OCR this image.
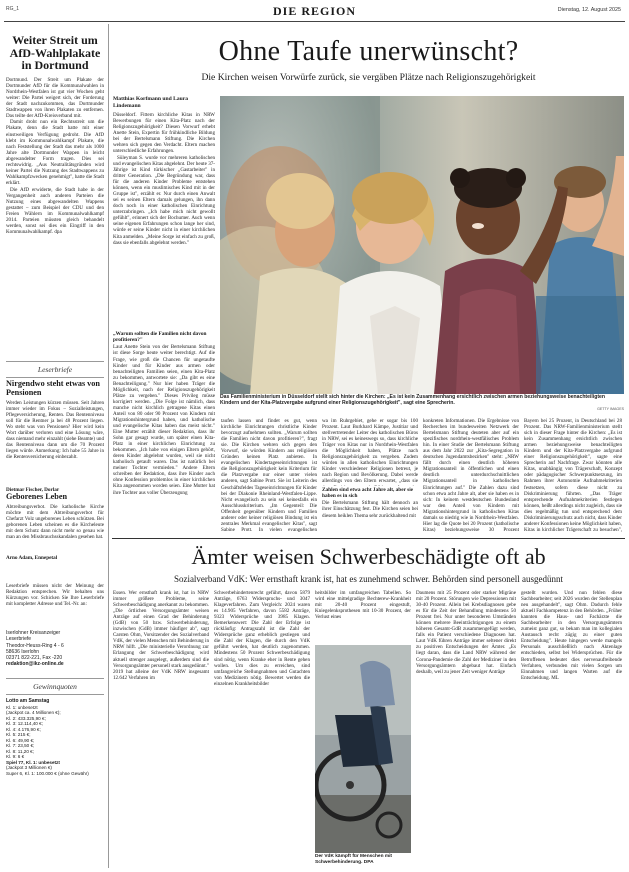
RG_1	DIE REGION	Dienstag, 12. August 2025
Weiter Streit um AfD-Wahlplakate in Dortmund

Dortmund. Der Streit um Plakate der Dortmunder AfD für die Kommunalwahlen in Nordrhein-Westfalen ist gut vier Wochen geht weiter: Die Partei weigert sich, der Forderung der Stadt nachzukommen, das Dortmunder Stadtwappen von ihren Plakaten zu entfernen. Das teilte der AfD-Kreisverband mit.

Damit droht nun ein Rechtsstreit um die Plakate, denn die Stadt hatte mit einer einstweiligen Verfügung gedroht. Die AfD klebt im Kommunalwahlkampf Plakate, die nach Feststellung der Stadt das mehr als 1000 Jahre alte Dortmunder Wappen in leicht abgewandelter Form tragen. Dies sei rechtswidrig. „Aus Neutralitätsgründen wird keiner Partei die Nutzung des Stadtwappens zu Wahlkampfzwecken genehmigt", hatte die Stadt erklärt.

Die AfD erwiderte, die Stadt habe in der Vergangenheit auch anderen Parteien die Nutzung eines abgewandelten Wappens gestattet – zum Beispiel der CDU und den Freien Wählern im Kommunalwahlkampf 2014. Parteien müssten gleich behandelt werden, sonst sei dies ein Eingriff in den Kommunalwahlkampf. dpa

Leserbriefe
Nirgendwo steht etwas von Pensionen

Werden Leistungen kürzen müssen. Seit Jahren immer wieder im Fokus – Sozialleistungen, Pflegeversicherung, Renten. Das Rentenniveau soll für die Rentner ja bei 48 Prozent liegen. Wo steht was von Pensionen? Hier wird kein Wort darüber verloren und eine Lösung wäre, dass niemand mehr einzahlt (siehe Beamte) und das Rentenniveau dann um die 70 Prozent liegen würde. Anmerkung: Ich habe 55 Jahre in die Rentenversicherung einbezahlt.

Dietmar Fischer, Dorlar
Geborenes Leben

Abtreibungsverbot. Die katholische Kirche möchte mit dem Abtreibungsverbot für Chefarzt Volz ungeborenes Leben schützen. Bei geborenen Leben scheinen es die Kircheleute mit dem Schutz dann nicht mehr so genau wie man an den Missbrauchsskandalen gesehen hat.

Arno Adam, Ennepetal

Leserbriefe müssen nicht der Meinung der Redaktion entsprechen. Wir behalten uns Kürzungen vor. Schicken Sie Ihre Leserbriefe mit kompletter Adresse und Tel.-Nr. an:

Iserlohner Kreisanzeiger
Leserbriefe
Theodor-Heuss-Ring 4 - 6
58636 Iserlohn
02371 822-221, Fax -220
redaktion@ikz-online.de
Gewinnquoten
Lotto am Samstag
Kl. 1: unbesetzt
(Jackpot ca. 4 Millionen €);
Kl. 2: 433.325,90 €;
Kl. 3: 12.114,40 €;
Kl. 4: 4.176,90 €;
Kl. 5: 215 €;
Kl. 6: 49,90 €;
Kl. 7: 23,50 €;
Kl. 8: 11,20 €;
Kl. 9: 6 €
Spiel 77, Kl. 1: unbesetzt
(Jackpot 3 Millionen €)
Super 6, Kl. 1: 100.000 € (ohne Gewähr)
Ohne Taufe unerwünscht?
Die Kirchen weisen Vorwürfe zurück, sie vergäben Plätze nach Religionszugehörigkeit
Matthias Korfmann und Laura Lindemann

Düsseldorf. Fittern kirchliche Kitas in NRW Bewerbungen für einen Kita-Platz nach der Religionszugehörigkeit? Diesen Vorwurf erhebt Anette Stein, Expertin für frühkindliche Bildung bei der Bertelsmann Stiftung. Die Kirchen wehren sich gegen den Verdacht. Eltern machen unterschiedliche Erfahrungen.

Süleyman S. wurde vor mehreren katholischen und evangelischen Kitas abgelehnt. Der heute 37-Jährige ist Kind türkischer „Gastarbeiter" in dritter Generation. „Die Begründung war, dass für die anderen Kinder Probleme entstehen können, wenn ein muslimisches Kind mit in der Gruppe ist", erzählt er. Nur durch einen Anwalt sei es seinen Eltern damals gelungen, ihn dann doch noch in einer katholischen Einrichtung unterzubringen. „Ich habe mich nicht gewollt gefühlt", erinnert sich der Bochumer. Auch wenn seine eigenen Erfahrungen schon lange her sind, würde er seine Kinder nicht in einer kirchlichen Kita anmelden. „Meine Sorge ist einfach zu groß, dass sie ebenfalls abgelehnt werden."

„Warum sollten die Familien nicht davon profitieren?"

Laut Anette Stein von der Bertelsmann Stiftung ist diese Sorge heute weiter berechtigt. Auf die Frage, wie groß die Chancen für ungetaufte Kinder und für Kinder aus armen oder benachteiligten Familien seien, einen Kita-Platz zu bekommen, antwortete sie: „Da gibt es eine Benachteiligung." Nur hier haben Träger die Möglichkeit, nach der Religionszugehörigkeit Plätze zu vergeben." Dieses Privileg müsse korrigiert werden. „Die Folge ist nämlich, dass manche nicht kirchlich getragene Kitas einen Anteil von 80 oder 90 Prozent von Kindern mit Migrationshintergrund haben, und katholische und evangelische Kitas haben das meist nicht." Eine Mutter erzählt dieser Redaktion, dass ihr Sohn gar gesagt wurde, um später einen Kita-Platz in einer kirchlichen Einrichtung zu bekommen. „Ich habe von einigen Eltern gehört, deren Kinder abgelehnt wurden, weil sie nicht katholisch getauft waren. Das ist natürlich bei meiner Tochter vermieden." Andere Eltern schreiben der Redaktion, dass ihre Kinder auch ohne Konfession problemlos in einer kirchlichen Kita angenommen worden seien. Eine Mutter hat ihre Tochter aus voller Überzeugung

Das Familienministerium in Düsseldorf stellt sich hinter die Kirchen: „Es ist kein Zusammenhang ersichtlich zwischen armen beziehungsweise benachteiligten Kindern und der Kita-Platzvergabe aufgrund einer Religionszugehörigkeit", sagt eine Sprecherin.
GETTY IMAGES

taufen lassen und findet es gut, wenn kirchliche Einrichtungen christliche Kinder bevorzugt aufnehmen sollten. „Warum sollten die Familien nicht davon profitieren?", fragt sie. Die Kirchen wehren sich gegen den Vorwurf, sie würden Kindern aus religiösen Gründen keinen Platz anbieten. In evangelischen Kindertageseinrichtungen ist die Religionszugehörigkeit kein Kriterium für die Platzvergabe nur einer unter vielen anderen, sagt Sabine Prott. Sie ist Leiterin des Geschäftsfeldes Tageseinrichtungen für Kinder bei der Diakonie Rheinland-Westfalen-Lippe. Nicht evangelisch zu sein sei keinesfalls ein Ausschlusskriterium. „Im Gegenteil: Die Offenheit gegenüber Kindern und Familien anderer oder keiner religiösen Bindung ist ein zentrales Merkmal evangelischer Kitas", sagt Sabine Prott. In vielen evangelischen

wa im Ruhrgebiet, gehe er sogar bis 100 Prozent. Laut Burkhard Kämpe, Justitiar und stellvertretender Leiter des katholischen Büros in NRW, sei es keineswegs so, dass kirchliche Träger von Kitas nur in Nordrhein-Westfalen die Möglichkeit haben, Plätze nach Religionszugehörigkeit zu vergeben. Zudem würden in allen katholischen Einrichtungen Kinder verschiedener Religionen betreut, je nach Region und Bevölkerung. Dabei werde allerdings von den Eltern erwartet, „dass sie

Zahlen sind etwa acht Jahre alt, aber sie haben es in sich

Die Bertelsmann Stiftung hält dennoch an ihrer Einschätzung fest. Die Kirchen seien bei diesem heiklen Thema sehr zurückhaltend mit

konkreten Informationen. Die Ergebnisse von Recherchen im bundesweiten Netzwerk der Bertelsmann Stiftung deuteten aber auf ein spezifisches nordrhein-westfälisches Problem hin. In einer Studie der Bertelsmann Stiftung aus dem Jahr 2022 zur „Kita-Segregation in deutschen Jugendamtsbezirken" steht: „NRW fällt durch einen deutlich höheren Migrationsanteil in öffentlichen und einen deutlich unterdurchschnittlichen Migrationsanteil in katholischen Einrichtungen auf." Die Zahlen dazu sind schon etwa acht Jahre alt, aber sie haben es in sich: In keinem westdeutschen Bundesland war den Anteil von Kindern mit Migrationshintergrund in katholischen Kitas damals so niedrig wie in Nordrhein-Westfalen. Hier lag die Quote bei 20 Prozent (katholische Kitas) beziehungsweise 30 Prozent

Bayern bei 25 Prozent, in Deutschland bei 28 Prozent. Das NRW-Familienministerium stellt sich in dieser Frage hinter die Kirchen: „Es ist kein Zusammenhang ersichtlich zwischen armen beziehungsweise benachteiligten Kindern und der Kita-Platzvergabe aufgrund einer Religionszugehörigkeit", sagte eine Sprecherin auf Nachfrage. Zwar könnten alle Kitas, unabhängig von Trägerschaft, Konzept oder pädagogischer Schwerpunktsetzung, im Rahmen ihrer Autonomie Aufnahmekriterien festsetzen, sofern diese nicht zu Diskriminierung führten. „Das Träger entsprechende Aufnahmekriterien festlegen können, heißt allerdings nicht zugleich, dass sie dies regelmäßig tun und entsprechend dem Diskriminierungsschutz auch nicht, dass Kinder anderer Konfessionen keine Möglichkeit haben, Kitas in kirchlicher Trägerschaft zu besuchen",

Ämter weisen Schwerbeschädigte oft ab
Sozialverband VdK: Wer ernsthaft krank ist, hat es zunehmend schwer. Behörden sind personell ausgedünnt

Essen. Wer ernsthaft krank ist, hat in NRW immer größere Probleme, seine Schwerbeschädigung anerkannt zu bekommen. „Die örtlichen Versorgungsämter weisen Anträge auf einen Grad der Behinderung (GdB) von 50 bzw. Schwerbehinderung, inzwischen (GdB) immer häufiger ab", sagt Carsten Ohm, Vorsitzender des Sozialverband VdK, der vielen Menschen mit Behinderung in NRW hilft. „Die ministerielle Verordnung zur Erlangung der Schwerbeschädigung wird aktuell strenger ausgelegt, außerdem sind die Versorgungsämter personell stark ausgedünnt." 2019 hat alleine der VdK NRW insgesamt 12.642 Verfahren im

Schwerbehindertenrecht geführt, davon 5879 Anträge, 6763 Widerspruchs- und 3047 Klageverfahren. Zum Vergleich: 2024 waren es 14.905 Verfahren, davon 5582 Anträge, 9323 Widersprüche und 3985 Klagen. Bemerkenswert: Die Zahl der Erfolge ist rückläufig: Antragszahl ist die Zahl der Widersprüche ganz erheblich gestiegen und die Zahl der Klagen, die durch den VdK geführt werden, hat deutlich zugenommen. Mindestens 50 Prozent Schwerbeschädigung sind nötig, wenn Kranke eher in Rente gehen wollen. Um dies zu erreichen, sind umfangreiche Stellungnahmen und Gutachten von Medizinern nötig. Bewertet werden die einzelnen Krankheitsbilder

heitsbilder im umfangreichen Tabellen. So wird eine mittelgradige Bechterew-Krankheit mit 20-40 Prozent eingestuft, Kniegelenksprothesen mit 10-30 Prozent, der Verlust eines

Der VdK kämpft für Menschen mit Schwerbehinderung. DPA

Daumens mit 25 Prozent oder starker Migräne mit 20 Prozent. Störungen wie Depressionen mit 30-40 Prozent. Allein bei Krebsdiagnosen gebe es für die Zeit der Behandlung mindestens 50 Prozent frei. Nur unter besonderen Umständen können mehrere Beeinträchtigungen zu einem höheren Gesamt-GdB zusammengefügt werden, falls ein Patient verschiedene Diagnosen hat. Laut VdK führen Anträge immer seltener direkt zu positiven Entscheidungen der Ämter. „Es liegt daran, dass die Land NRW während der Corona-Pandemie die Zahl der Mediziner in den Versorgungsämtern abgebaut hat. Einfach deshalb, weil zu jener Zeit weniger Anträge

gestellt wurden. Und nun fehlen diese Sachbearbeiter; seit 2026 wurden der Stellenplan neu ausgehandelt", sagt Ohm. Dadurch fehle aktuell Fachkompetenz in den Behörden. „Früher kannten die Haus- und Fachärzte die Sachbearbeiter in den Versorgungsämtern zumeist ganz gut, so bekam man im kollegialen Austausch recht zügig zu einer guten Entscheidung". Heute hingegen werde mangels Personals ausschließlich nach Aktenlage entschieden, selbst bei Widersprüchen. Für die Betroffenen bedeutet dies nervenaufreibende Verfahren, verbunden mit vielen Sorgen um Einnahmen und langen Warten auf die Entscheidung. ML
